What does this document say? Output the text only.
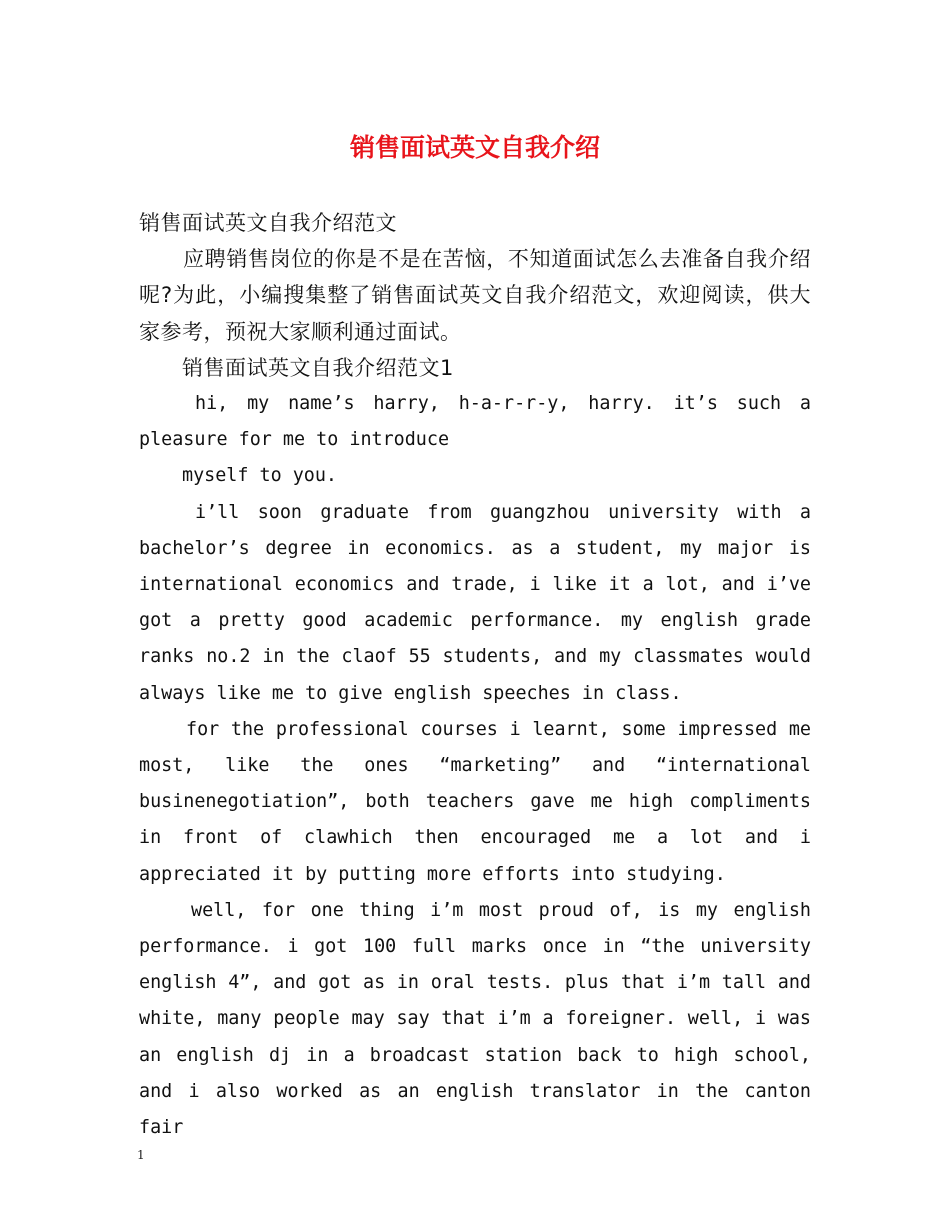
销售面试英文自我介绍

销售面试英文自我介绍范文

应聘销售岗位的你是不是在苦恼，不知道面试怎么去准备自我介绍呢?为此，小编搜集整了销售面试英文自我介绍范文，欢迎阅读，供大家参考，预祝大家顺利通过面试。

销售面试英文自我介绍范文1

hi, my name’s harry, h-a-r-r-y, harry. it’s such a pleasure for me to introduce

myself to you.

i’ll soon graduate from guangzhou university with a bachelor’s degree in economics. as a student, my major is international economics and trade, i like it a lot, and i’ve got a pretty good academic performance. my english grade ranks no.2 in the claof 55 students, and my classmates would always like me to give english speeches in class.

for the professional courses i learnt, some impressed me most, like the ones “marketing” and “international businenegotiation”, both teachers gave me high compliments in front of clawhich then encouraged me a lot and i appreciated it by putting more efforts into studying.

well, for one thing i’m most proud of, is my english performance. i got 100 full marks once in “the university english 4”, and got as in oral tests. plus that i’m tall and white, many people may say that i’m a foreigner. well, i was an english dj in a broadcast station back to high school, and i also worked as an english translator in the canton fair

1
